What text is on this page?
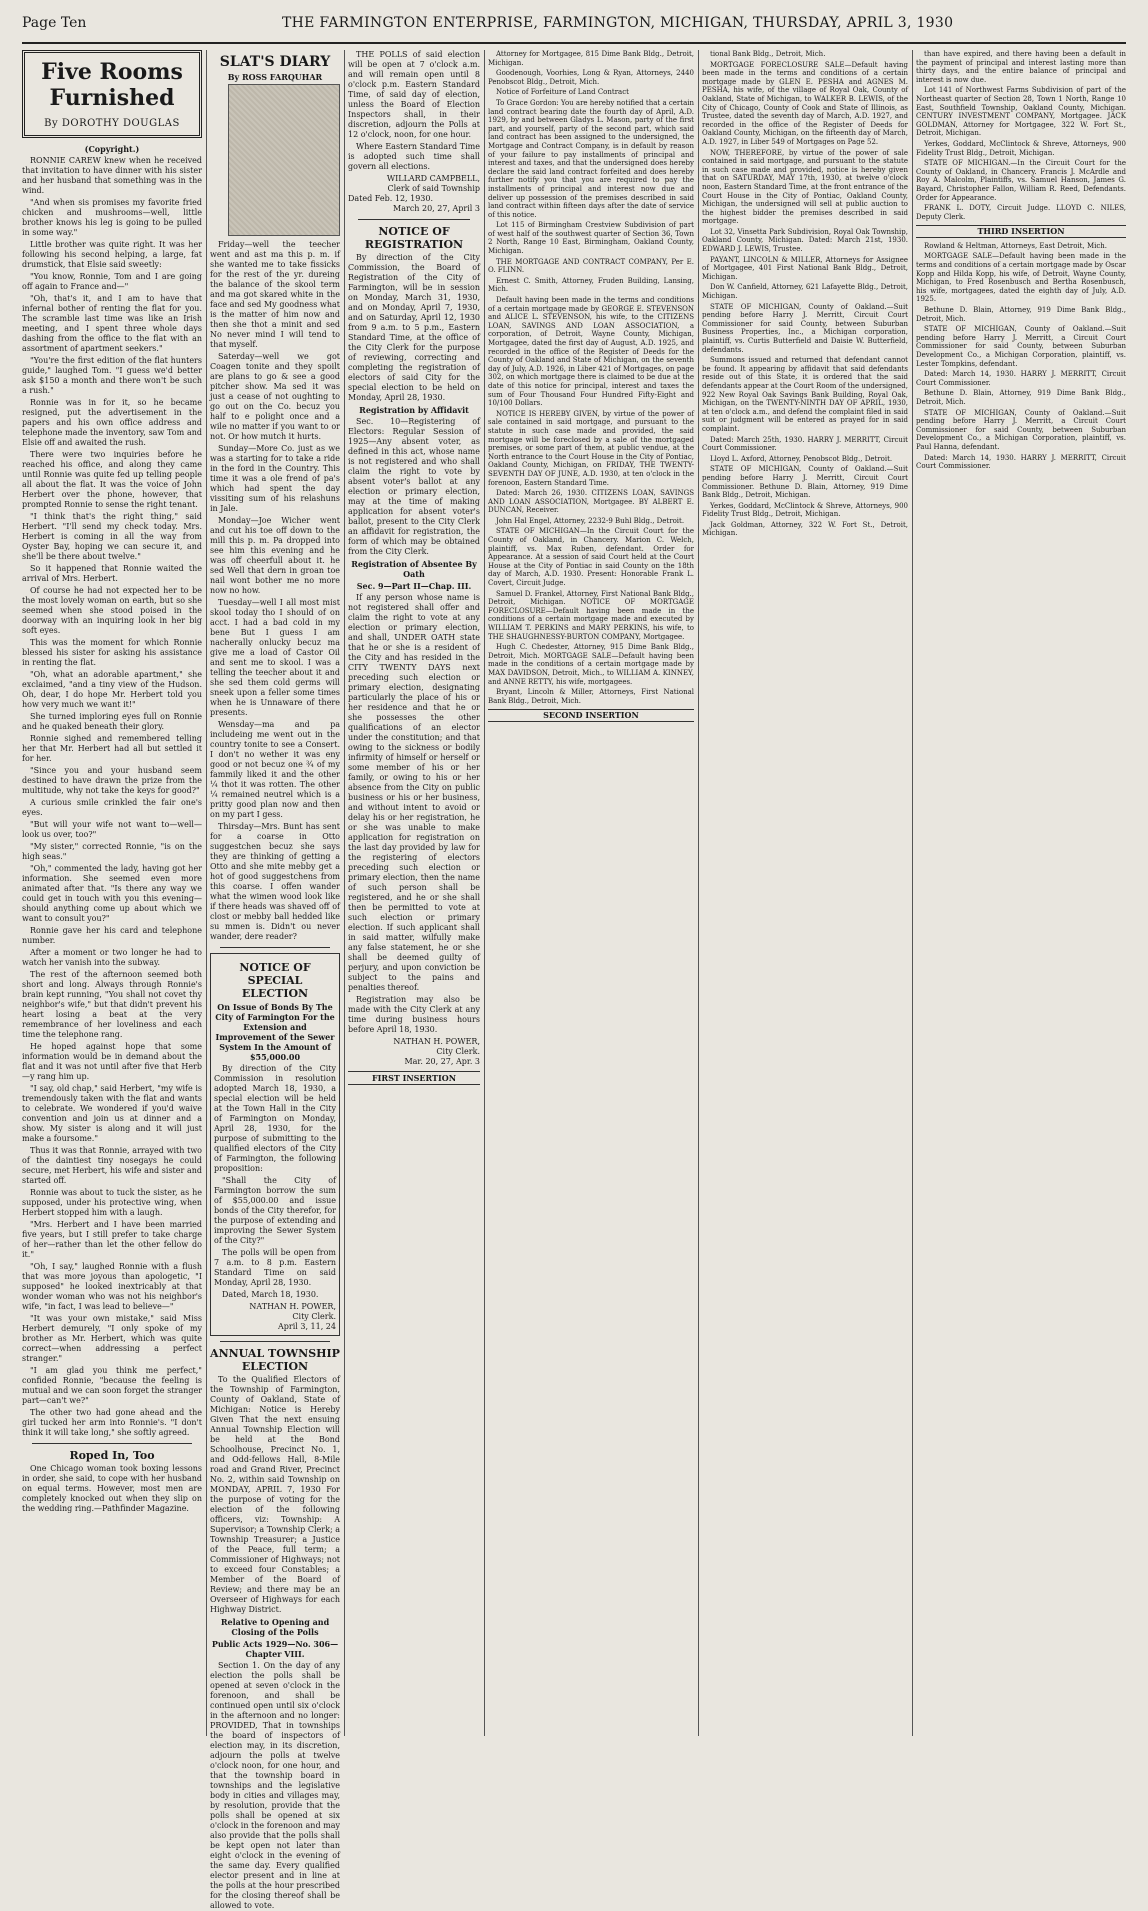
Page Ten	THE FARMINGTON ENTERPRISE, FARMINGTON, MICHIGAN, THURSDAY, APRIL 3, 1930
Five Rooms
Furnished
By DOROTHY DOUGLAS
(Copyright.)

RONNIE CAREW knew when he received that invitation to have dinner with his sister and her husband that something was in the wind.

"And when sis promises my favorite fried chicken and mushrooms—well, little brother knows his leg is going to be pulled in some way."

Little brother was quite right. It was her following his second helping, a large, fat drumstick, that Elsie said sweetly:

"You know, Ronnie, Tom and I are going off again to France and—"

"Oh, that's it, and I am to have that infernal bother of renting the flat for you. The scramble last time was like an Irish meeting, and I spent three whole days dashing from the office to the flat with an assortment of apartment seekers."

"You're the first edition of the flat hunters guide," laughed Tom. "I guess we'd better ask $150 a month and there won't be such a rush."

Ronnie was in for it, so he became resigned, put the advertisement in the papers and his own office address and telephone made the inventory, saw Tom and Elsie off and awaited the rush.

There were two inquiries before he reached his office, and along they came until Ronnie was quite fed up telling people all about the flat. It was the voice of John Herbert over the phone, however, that prompted Ronnie to sense the right tenant.

"I think that's the right thing," said Herbert. "I'll send my check today. Mrs. Herbert is coming in all the way from Oyster Bay, hoping we can secure it, and she'll be there about twelve."

So it happened that Ronnie waited the arrival of Mrs. Herbert.

Of course he had not expected her to be the most lovely woman on earth, but so she seemed when she stood poised in the doorway with an inquiring look in her big soft eyes.

This was the moment for which Ronnie blessed his sister for asking his assistance in renting the flat.

"Oh, what an adorable apartment," she exclaimed, "and a tiny view of the Hudson. Oh, dear, I do hope Mr. Herbert told you how very much we want it!"

She turned imploring eyes full on Ronnie and he quaked beneath their glory.

Ronnie sighed and remembered telling her that Mr. Herbert had all but settled it for her.

"Since you and your husband seem destined to have drawn the prize from the multitude, why not take the keys for good?"

A curious smile crinkled the fair one's eyes.

"But will your wife not want to—well—look us over, too?"

"My sister," corrected Ronnie, "is on the high seas."

"Oh," commented the lady, having got her information. She seemed even more animated after that. "Is there any way we could get in touch with you this evening—should anything come up about which we want to consult you?"

Ronnie gave her his card and telephone number.

After a moment or two longer he had to watch her vanish into the subway.

The rest of the afternoon seemed both short and long. Always through Ronnie's brain kept running, "You shall not covet thy neighbor's wife," but that didn't prevent his heart losing a beat at the very remembrance of her loveliness and each time the telephone rang.

He hoped against hope that some information would be in demand about the flat and it was not until after five that Herb—y rang him up.

"I say, old chap," said Herbert, "my wife is tremendously taken with the flat and wants to celebrate. We wondered if you'd waive convention and join us at dinner and a show. My sister is along and it will just make a foursome."

Thus it was that Ronnie, arrayed with two of the daintiest tiny nosegays he could secure, met Herbert, his wife and sister and started off.

Ronnie was about to tuck the sister, as he supposed, under his protective wing, when Herbert stopped him with a laugh.

"Mrs. Herbert and I have been married five years, but I still prefer to take charge of her—rather than let the other fellow do it."

"Oh, I say," laughed Ronnie with a flush that was more joyous than apologetic, "I supposed" he looked inextricably at that wonder woman who was not his neighbor's wife, "in fact, I was lead to believe—"

"It was your own mistake," said Miss Herbert demurely, "I only spoke of my brother as Mr. Herbert, which was quite correct—when addressing a perfect stranger."

"I am glad you think me perfect," confided Ronnie, "because the feeling is mutual and we can soon forget the stranger part—can't we?"

The other two had gone ahead and the girl tucked her arm into Ronnie's. "I don't think it will take long," she softly agreed.

Roped In, Too

One Chicago woman took boxing lessons in order, she said, to cope with her husband on equal terms. However, most men are completely knocked out when they slip on the wedding ring.—Pathfinder Magazine.

SLAT'S DIARY
By ROSS FARQUHAR

Friday—well the teecher went and ast ma this p. m. if she wanted me to take fissicks for the rest of the yr. dureing the balance of the skool term and ma got skared white in the face and sed My goodness what is the matter of him now and then she thot a minit and sed No never mind I will tend to that myself.

Saterday—well we got Coagen tonite and they spoilt are plans to go & see a good pitcher show. Ma sed it was just a cease of not oughting to go out on the Co. becuz you half to e polight once and a wile no matter if you want to or not. Or how mutch it hurts.

Sunday—More Co. just as we was a starting for to take a ride in the ford in the Country. This time it was a ole frend of pa's which had spent the day vissiting sum of his relashuns in Jale.

Monday—Joe Wicher went and cut his toe off down to the mill this p. m. Pa dropped into see him this evening and he was off cheerfull about it. he sed Well that dern in groan toe nail wont bother me no more now no how.

Tuesday—well I all most mist skool today tho I should of on acct. I had a bad cold in my bene But I guess I am nacherally onlucky becuz ma give me a load of Castor Oil and sent me to skool. I was a telling the teecher about it and she sed them cold germs will sneek upon a feller some times when he is Unnaware of there presents.

Wensday—ma and pa includeing me went out in the country tonite to see a Consert. I don't no wether it was eny good or not becuz one ¾ of my fammily liked it and the other ¼ thot it was rotten. The other ¼ remained neutrel which is a pritty good plan now and then on my part I gess.

Thirsday—Mrs. Bunt has sent for a coarse in Otto suggestchen becuz she says they are thinking of getting a Otto and she mite mebby get a hot of good suggestchens from this coarse. I offen wander what the wimen wood look like if there heads was shaved off of clost or mebby ball hedded like su mmen is. Didn't ou never wander, dere reader?

NOTICE OF SPECIAL ELECTION
On Issue of Bonds By The City of Farmington For the Extension and Improvement of the Sewer System In the Amount of $55,000.00

By direction of the City Commission in resolution adopted March 18, 1930, a special election will be held at the Town Hall in the City of Farmington on Monday, April 28, 1930, for the purpose of submitting to the qualified electors of the City of Farmington, the following proposition:

"Shall the City of Farmington borrow the sum of $55,000.00 and issue bonds of the City therefor, for the purpose of extending and improving the Sewer System of the City?"

The polls will be open from 7 a.m. to 8 p.m. Eastern Standard Time on said Monday, April 28, 1930.

Dated, March 18, 1930.

NATHAN H. POWER,
City Clerk.
April 3, 11, 24
ANNUAL TOWNSHIP ELECTION

To the Qualified Electors of the Township of Farmington, County of Oakland, State of Michigan: Notice is Hereby Given That the next ensuing Annual Township Election will be held at the Bond Schoolhouse, Precinct No. 1, and Odd-fellows Hall, 8-Mile road and Grand River, Precinct No. 2, within said Township on MONDAY, APRIL 7, 1930 For the purpose of voting for the election of the following officers, viz: Township: A Supervisor; a Township Clerk; a Township Treasurer; a Justice of the Peace, full term; a Commissioner of Highways; not to exceed four Constables; a Member of the Board of Review; and there may be an Overseer of Highways for each Highway District.

Relative to Opening and Closing of the Polls
Public Acts 1929—No. 306—Chapter VIII.

Section 1. On the day of any election the polls shall be opened at seven o'clock in the forenoon, and shall be continued open until six o'clock in the afternoon and no longer: PROVIDED, That in townships the board of inspectors of election may, in its discretion, adjourn the polls at twelve o'clock noon, for one hour, and that the township board in townships and the legislative body in cities and villages may, by resolution, provide that the polls shall be opened at six o'clock in the forenoon and may also provide that the polls shall be kept open not later than eight o'clock in the evening of the same day. Every qualified elector present and in line at the polls at the hour prescribed for the closing thereof shall be allowed to vote.

THE POLLS of said election will be open at 7 o'clock a.m. and will remain open until 8 o'clock p.m. Eastern Standard Time, of said day of election, unless the Board of Election Inspectors shall, in their discretion, adjourn the Polls at 12 o'clock, noon, for one hour.

Where Eastern Standard Time is adopted such time shall govern all elections.

WILLARD CAMPBELL,
Clerk of said Township
Dated Feb. 12, 1930.
March 20, 27, April 3
NOTICE OF REGISTRATION

By direction of the City Commission, the Board of Registration of the City of Farmington, will be in session on Monday, March 31, 1930, and on Monday, April 7, 1930, and on Saturday, April 12, 1930 from 9 a.m. to 5 p.m., Eastern Standard Time, at the office of the City Clerk for the purpose of reviewing, correcting and completing the registration of electors of said City for the special election to be held on Monday, April 28, 1930.

Registration by Affidavit

Sec. 10—Registering of Electors: Regular Session of 1925—Any absent voter, as defined in this act, whose name is not registered and who shall claim the right to vote by absent voter's ballot at any election or primary election, may at the time of making application for absent voter's ballot, present to the City Clerk an affidavit for registration, the form of which may be obtained from the City Clerk.

Registration of Absentee By Oath
Sec. 9—Part II—Chap. III.

If any person whose name is not registered shall offer and claim the right to vote at any election or primary election, and shall, UNDER OATH state that he or she is a resident of the City and has resided in the CITY TWENTY DAYS next preceding such election or primary election, designating particularly the place of his or her residence and that he or she possesses the other qualifications of an elector under the constitution; and that owing to the sickness or bodily infirmity of himself or herself or some member of his or her family, or owing to his or her absence from the City on public business or his or her business, and without intent to avoid or delay his or her registration, he or she was unable to make application for registration on the last day provided by law for the registering of electors preceding such election or primary election, then the name of such person shall be registered, and he or she shall then be permitted to vote at such election or primary election. If such applicant shall in said matter, wilfully make any false statement, he or she shall be deemed guilty of perjury, and upon conviction be subject to the pains and penalties thereof.

Registration may also be made with the City Clerk at any time during business hours before April 18, 1930.

NATHAN H. POWER,
City Clerk.
Mar. 20, 27, Apr. 3
FIRST INSERTION

Attorney for Mortgagee, 815 Dime Bank Bldg., Detroit, Michigan.

Goodenough, Voorhies, Long & Ryan, Attorneys, 2440 Penobscot Bldg., Detroit, Mich.

Notice of Forfeiture of Land Contract

To Grace Gordon: You are hereby notified that a certain land contract bearing date the fourth day of April, A.D. 1929, by and between Gladys L. Mason, party of the first part, and yourself, party of the second part, which said land contract has been assigned to the undersigned, the Mortgage and Contract Company, is in default by reason of your failure to pay installments of principal and interest and taxes, and that the undersigned does hereby declare the said land contract forfeited and does hereby further notify you that you are required to pay the installments of principal and interest now due and deliver up possession of the premises described in said land contract within fifteen days after the date of service of this notice.

Lot 115 of Birmingham Crestview Subdivision of part of west half of the southwest quarter of Section 36, Town 2 North, Range 10 East, Birmingham, Oakland County, Michigan.

THE MORTGAGE AND CONTRACT COMPANY, Per E. O. FLINN.

Ernest C. Smith, Attorney, Fruden Building, Lansing, Mich.

Default having been made in the terms and conditions of a certain mortgage made by GEORGE E. STEVENSON and ALICE L. STEVENSON, his wife, to the CITIZENS LOAN, SAVINGS AND LOAN ASSOCIATION, a corporation, of Detroit, Wayne County, Michigan, Mortgagee, dated the first day of August, A.D. 1925, and recorded in the office of the Register of Deeds for the County of Oakland and State of Michigan, on the seventh day of July, A.D. 1926, in Liber 421 of Mortgages, on page 302, on which mortgage there is claimed to be due at the date of this notice for principal, interest and taxes the sum of Four Thousand Four Hundred Fifty-Eight and 10/100 Dollars.

NOTICE IS HEREBY GIVEN, by virtue of the power of sale contained in said mortgage, and pursuant to the statute in such case made and provided, the said mortgage will be foreclosed by a sale of the mortgaged premises, or some part of them, at public vendue, at the North entrance to the Court House in the City of Pontiac, Oakland County, Michigan, on FRIDAY, THE TWENTY-SEVENTH DAY OF JUNE, A.D. 1930, at ten o'clock in the forenoon, Eastern Standard Time.

Dated: March 26, 1930. CITIZENS LOAN, SAVINGS AND LOAN ASSOCIATION, Mortgagee. BY ALBERT E. DUNCAN, Receiver.

John Hal Engel, Attorney, 2232-9 Buhl Bldg., Detroit.

STATE OF MICHIGAN—In the Circuit Court for the County of Oakland, in Chancery. Marion C. Welch, plaintiff, vs. Max Ruben, defendant. Order for Appearance. At a session of said Court held at the Court House at the City of Pontiac in said County on the 18th day of March, A.D. 1930. Present: Honorable Frank L. Covert, Circuit Judge.

Samuel D. Frankel, Attorney, First National Bank Bldg., Detroit, Michigan. NOTICE OF MORTGAGE FORECLOSURE—Default having been made in the conditions of a certain mortgage made and executed by WILLIAM T. PERKINS and MARY PERKINS, his wife, to THE SHAUGHNESSY-BURTON COMPANY, Mortgagee.

Hugh C. Chedester, Attorney, 915 Dime Bank Bldg., Detroit, Mich. MORTGAGE SALE—Default having been made in the conditions of a certain mortgage made by MAX DAVIDSON, Detroit, Mich., to WILLIAM A. KINNEY, and ANNE RETTY, his wife, mortgagees.

Bryant, Lincoln & Miller, Attorneys, First National Bank Bldg., Detroit, Mich.

SECOND INSERTION

tional Bank Bldg., Detroit, Mich.

MORTGAGE FORECLOSURE SALE—Default having been made in the terms and conditions of a certain mortgage made by GLEN E. PESHA and AGNES M. PESHA, his wife, of the village of Royal Oak, County of Oakland, State of Michigan, to WALKER B. LEWIS, of the City of Chicago, County of Cook and State of Illinois, as Trustee, dated the seventh day of March, A.D. 1927, and recorded in the office of the Register of Deeds for Oakland County, Michigan, on the fifteenth day of March, A.D. 1927, in Liber 549 of Mortgages on Page 52.

NOW, THEREFORE, by virtue of the power of sale contained in said mortgage, and pursuant to the statute in such case made and provided, notice is hereby given that on SATURDAY, MAY 17th, 1930, at twelve o'clock noon, Eastern Standard Time, at the front entrance of the Court House in the City of Pontiac, Oakland County, Michigan, the undersigned will sell at public auction to the highest bidder the premises described in said mortgage.

Lot 32, Vinsetta Park Subdivision, Royal Oak Township, Oakland County, Michigan. Dated: March 21st, 1930. EDWARD J. LEWIS, Trustee.

PAYANT, LINCOLN & MILLER, Attorneys for Assignee of Mortgagee, 401 First National Bank Bldg., Detroit, Michigan.

Don W. Canfield, Attorney, 621 Lafayette Bldg., Detroit, Michigan.

STATE OF MICHIGAN, County of Oakland.—Suit pending before Harry J. Merritt, Circuit Court Commissioner for said County, between Suburban Business Properties, Inc., a Michigan corporation, plaintiff, vs. Curtis Butterfield and Daisie W. Butterfield, defendants.

Summons issued and returned that defendant cannot be found. It appearing by affidavit that said defendants reside out of this State, it is ordered that the said defendants appear at the Court Room of the undersigned, 922 New Royal Oak Savings Bank Building, Royal Oak, Michigan, on the TWENTY-NINTH DAY OF APRIL, 1930, at ten o'clock a.m., and defend the complaint filed in said suit or judgment will be entered as prayed for in said complaint.

Dated: March 25th, 1930. HARRY J. MERRITT, Circuit Court Commissioner.

Lloyd L. Axford, Attorney, Penobscot Bldg., Detroit.

STATE OF MICHIGAN, County of Oakland.—Suit pending before Harry J. Merritt, Circuit Court Commissioner. Bethune D. Blain, Attorney, 919 Dime Bank Bldg., Detroit, Michigan.

Yerkes, Goddard, McClintock & Shreve, Attorneys, 900 Fidelity Trust Bldg., Detroit, Michigan.

Jack Goldman, Attorney, 322 W. Fort St., Detroit, Michigan.

than have expired, and there having been a default in the payment of principal and interest lasting more than thirty days, and the entire balance of principal and interest is now due.

Lot 141 of Northwest Farms Subdivision of part of the Northeast quarter of Section 28, Town 1 North, Range 10 East, Southfield Township, Oakland County, Michigan. CENTURY INVESTMENT COMPANY, Mortgagee. JACK GOLDMAN, Attorney for Mortgagee, 322 W. Fort St., Detroit, Michigan.

Yerkes, Goddard, McClintock & Shreve, Attorneys, 900 Fidelity Trust Bldg., Detroit, Michigan.

STATE OF MICHIGAN.—In the Circuit Court for the County of Oakland, in Chancery. Francis J. McArdle and Roy A. Malcolm, Plaintiffs, vs. Samuel Hanson, James G. Bayard, Christopher Fallon, William R. Reed, Defendants. Order for Appearance.

FRANK L. DOTY, Circuit Judge. LLOYD C. NILES, Deputy Clerk.

THIRD INSERTION

Rowland & Heltman, Attorneys, East Detroit, Mich.

MORTGAGE SALE—Default having been made in the terms and conditions of a certain mortgage made by Oscar Kopp and Hilda Kopp, his wife, of Detroit, Wayne County, Michigan, to Fred Rosenbusch and Bertha Rosenbusch, his wife, mortgagees, dated the eighth day of July, A.D. 1925.

Bethune D. Blain, Attorney, 919 Dime Bank Bldg., Detroit, Mich.

STATE OF MICHIGAN, County of Oakland.—Suit pending before Harry J. Merritt, a Circuit Court Commissioner for said County, between Suburban Development Co., a Michigan Corporation, plaintiff, vs. Lester Tompkins, defendant.

Dated: March 14, 1930. HARRY J. MERRITT, Circuit Court Commissioner.

Bethune D. Blain, Attorney, 919 Dime Bank Bldg., Detroit, Mich.

STATE OF MICHIGAN, County of Oakland.—Suit pending before Harry J. Merritt, a Circuit Court Commissioner for said County, between Suburban Development Co., a Michigan Corporation, plaintiff, vs. Paul Hanna, defendant.

Dated: March 14, 1930. HARRY J. MERRITT, Circuit Court Commissioner.
